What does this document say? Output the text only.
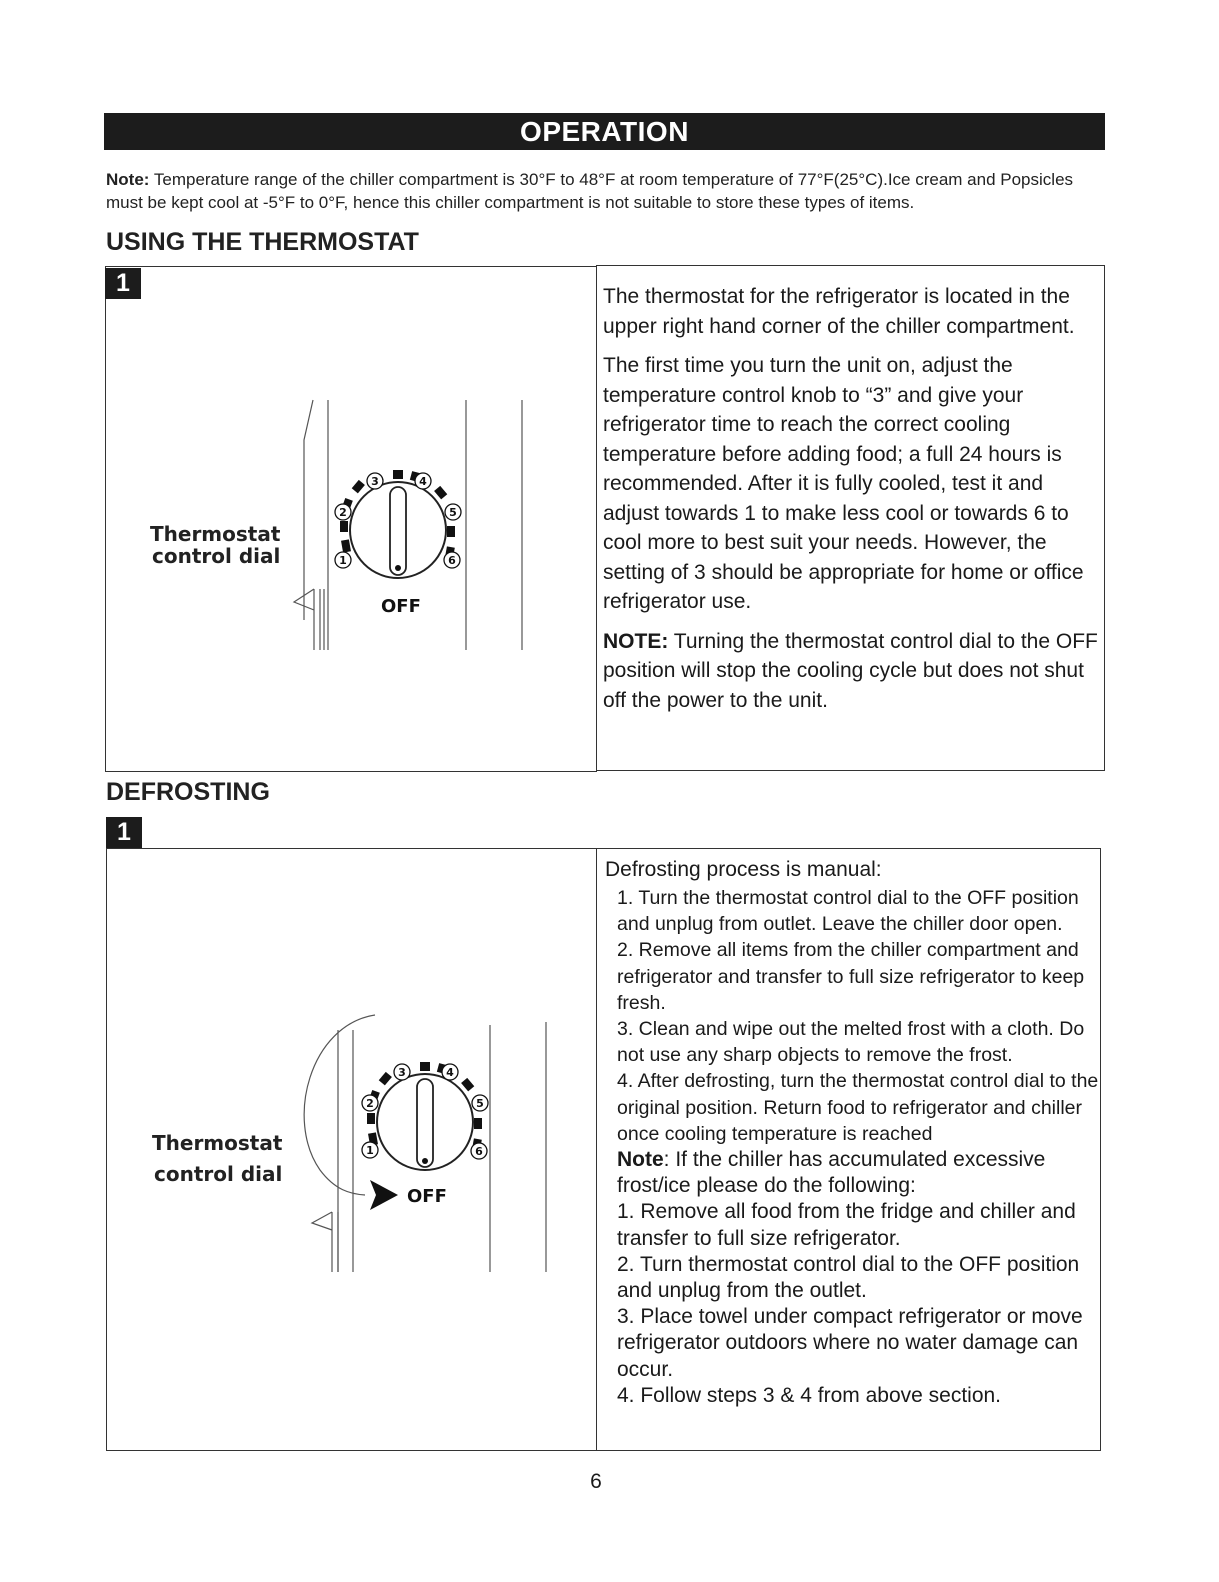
OPERATION
Note: Temperature range of the chiller compartment is 30°F to 48°F at room temperature of 77°F(25°C).Ice cream and Popsicles must be kept cool at -5°F to 0°F, hence this chiller compartment is not suitable to store these types of items.
USING THE THERMOSTAT
1
Thermostat
control dial	1
2
3	4
5
6
OFF

The thermostat for the refrigerator is located in the upper right hand corner of the chiller compartment.

The first time you turn the unit on, adjust the temperature control knob to “3” and give your refrigerator time to reach the correct cooling temperature before adding food; a full 24 hours is recommended. After it is fully cooled, test it and adjust towards 1 to make less cool or towards 6 to cool more to best suit your needs. However, the setting of 3 should be appropriate for home or office refrigerator use.

NOTE: Turning the thermostat control dial to the OFF position will stop the cooling cycle but does not shut off the power to the unit.

DEFROSTING
1
Thermostat
control dial
1
2
3	4
5
6
OFF

Defrosting process is manual:

1. Turn the thermostat control dial to the OFF position and unplug from outlet. Leave the chiller door open.

2. Remove all items from the chiller compartment and refrigerator and transfer to full size refrigerator to keep fresh.

3. Clean and wipe out the melted frost with a cloth. Do not use any sharp objects to remove the frost.

4. After defrosting, turn the thermostat control dial to the original position. Return food to refrigerator and chiller once cooling temperature is reached

Note: If the chiller has accumulated excessive frost/ice please do the following:

1. Remove all food from the fridge and chiller and transfer to full size refrigerator.

2. Turn thermostat control dial to the OFF position and unplug from the outlet.

3. Place towel under compact refrigerator or move refrigerator outdoors where no water damage can occur.

4. Follow steps 3 & 4 from above section.

6
